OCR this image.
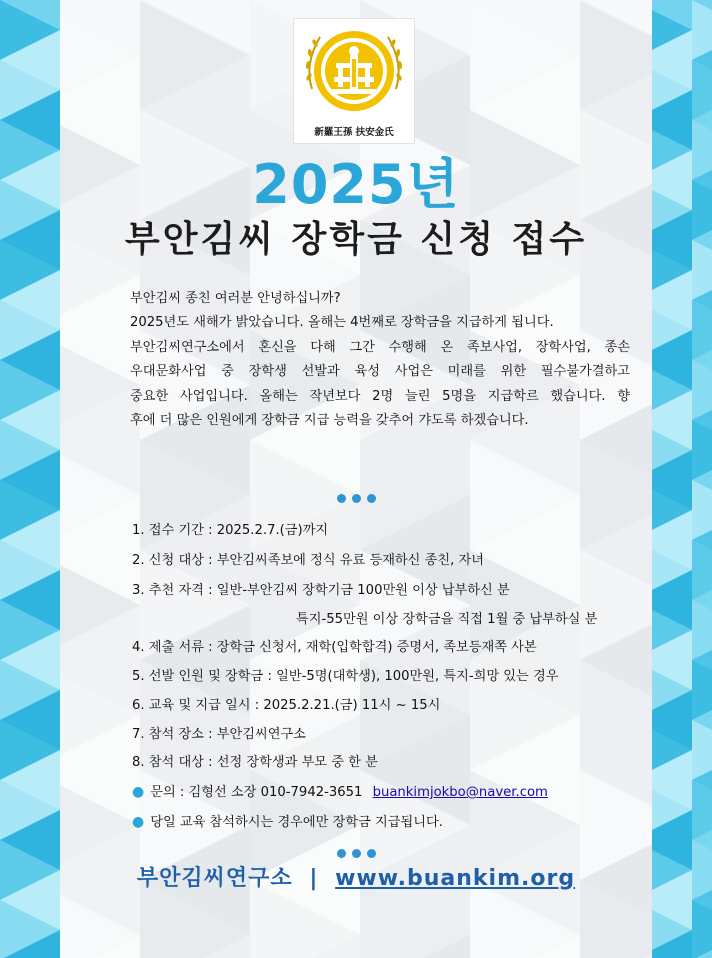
新羅王孫 扶安金氏
2025년
부안김씨 장학금 신청 접수

부안김씨 종친 여러분 안녕하십니까?

2025년도 새해가 밝았습니다. 올해는 4번째로 장학금을 지급하게 됩니다.

부안김씨연구소에서 혼신을 다해 그간 수행해 온 족보사업, 장학사업, 종손

우대문화사업 중 장학생 선발과 육성 사업은 미래를 위한 필수불가결하고

중요한 사업입니다. 올해는 작년보다 2명 늘린 5명을 지급학르 했습니다. 향

후에 더 많은 인원에게 장학금 지급 능력을 갖추어 갸도록 하겠습니다.

1. 접수 기간 : 2025.2.7.(금)까지
2. 신청 대상 : 부안김씨족보에 정식 유료 등재하신 종친, 자녀
3. 추천 자격 : 일반-부안김씨 장학기금 100만원 이상 납부하신 분
특지-55만원 이상 장학금을 직접 1월 중 납부하실 분
4. 제출 서류 : 장학금 신청서, 재학(입학합격) 증명서, 족보등재쪽 사본
5. 선발 인원 및 장학금 : 일반-5명(대학생), 100만원, 특지-희망 있는 경우
6. 교육 및 지급 일시 : 2025.2.21.(금) 11시 ~ 15시
7. 참석 장소 : 부안김씨연구소
8. 참석 대상 : 선정 장학생과 부모 중 한 분
● 문의 : 김형선 소장 010-7942-3651 buankimjokbo@naver.com
● 당일 교육 참석하시는 경우에만 장학금 지급됩니다.
부안김씨연구소 | www.buankim.org
